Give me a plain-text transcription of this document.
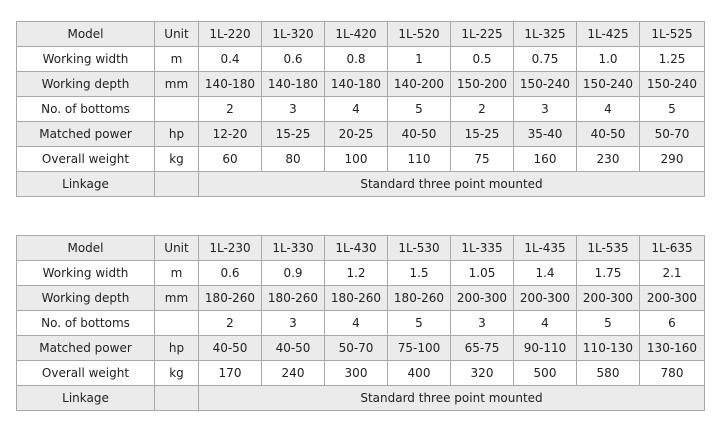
Model	Unit	1L-220	1L-320	1L-420	1L-520	1L-225	1L-325	1L-425	1L-525
Working width	m	0.4	0.6	0.8	1	0.5	0.75	1.0	1.25
Working depth	mm	140-180	140-180	140-180	140-200	150-200	150-240	150-240	150-240
No. of bottoms		2	3	4	5	2	3	4	5
Matched power	hp	12-20	15-25	20-25	40-50	15-25	35-40	40-50	50-70
Overall weight	kg	60	80	100	110	75	160	230	290
Linkage		Standard three point mounted							
Model	Unit	1L-230	1L-330	1L-430	1L-530	1L-335	1L-435	1L-535	1L-635
Working width	m	0.6	0.9	1.2	1.5	1.05	1.4	1.75	2.1
Working depth	mm	180-260	180-260	180-260	180-260	200-300	200-300	200-300	200-300
No. of bottoms		2	3	4	5	3	4	5	6
Matched power	hp	40-50	40-50	50-70	75-100	65-75	90-110	110-130	130-160
Overall weight	kg	170	240	300	400	320	500	580	780
Linkage		Standard three point mounted							
